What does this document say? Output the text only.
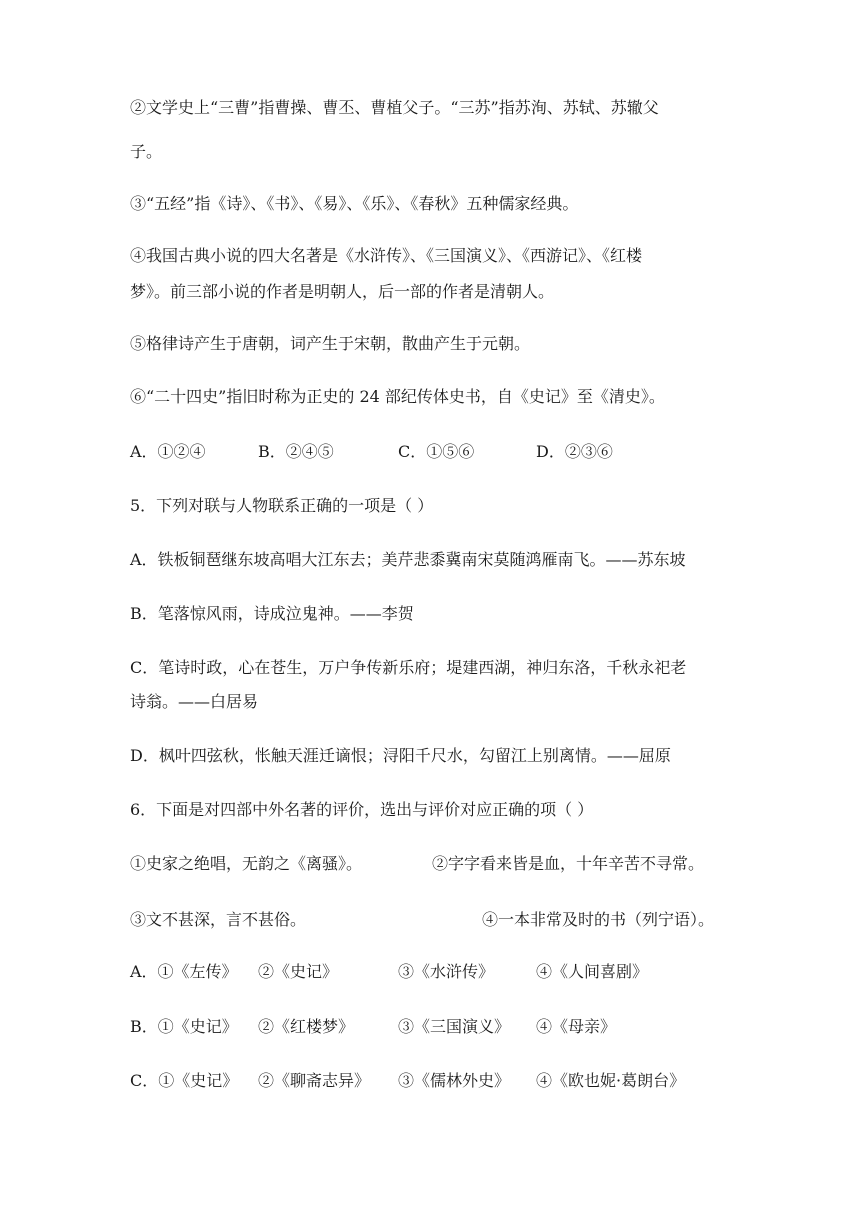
②文学史上“三曹”指曹操、曹丕、曹植父子。“三苏”指苏洵、苏轼、苏辙父
子。
③“五经”指《诗》、《书》、《易》、《乐》、《春秋》五种儒家经典。
④我国古典小说的四大名著是《水浒传》、《三国演义》、《西游记》、《红楼
梦》。前三部小说的作者是明朝人，后一部的作者是清朝人。
⑤格律诗产生于唐朝，词产生于宋朝，散曲产生于元朝。
⑥“二十四史”指旧时称为正史的 24 部纪传体史书，自《史记》至《清史》。
A．①②④	B．②④⑤	C．①⑤⑥	D．②③⑥
5．下列对联与人物联系正确的一项是（ ）
A．铁板铜琶继东坡高唱大江东去；美芹悲黍冀南宋莫随鸿雁南飞。——苏东坡
B．笔落惊风雨，诗成泣鬼神。——李贺
C．笔诗时政，心在苍生，万户争传新乐府；堤建西湖，神归东洛，千秋永祀老
诗翁。——白居易
D．枫叶四弦秋，怅触天涯迁谪恨；浔阳千尺水，勾留江上别离情。——屈原
6．下面是对四部中外名著的评价，选出与评价对应正确的项（ ）
①史家之绝唱，无韵之《离骚》。	②字字看来皆是血，十年辛苦不寻常。
③文不甚深，言不甚俗。	④一本非常及时的书（列宁语）。
A．①《左传》 ②《史记》	③《水浒传》	④《人间喜剧》
B．①《史记》 ②《红楼梦》	③《三国演义》 ④《母亲》
C．①《史记》 ②《聊斋志异》 ③《儒林外史》 ④《欧也妮·葛朗台》
